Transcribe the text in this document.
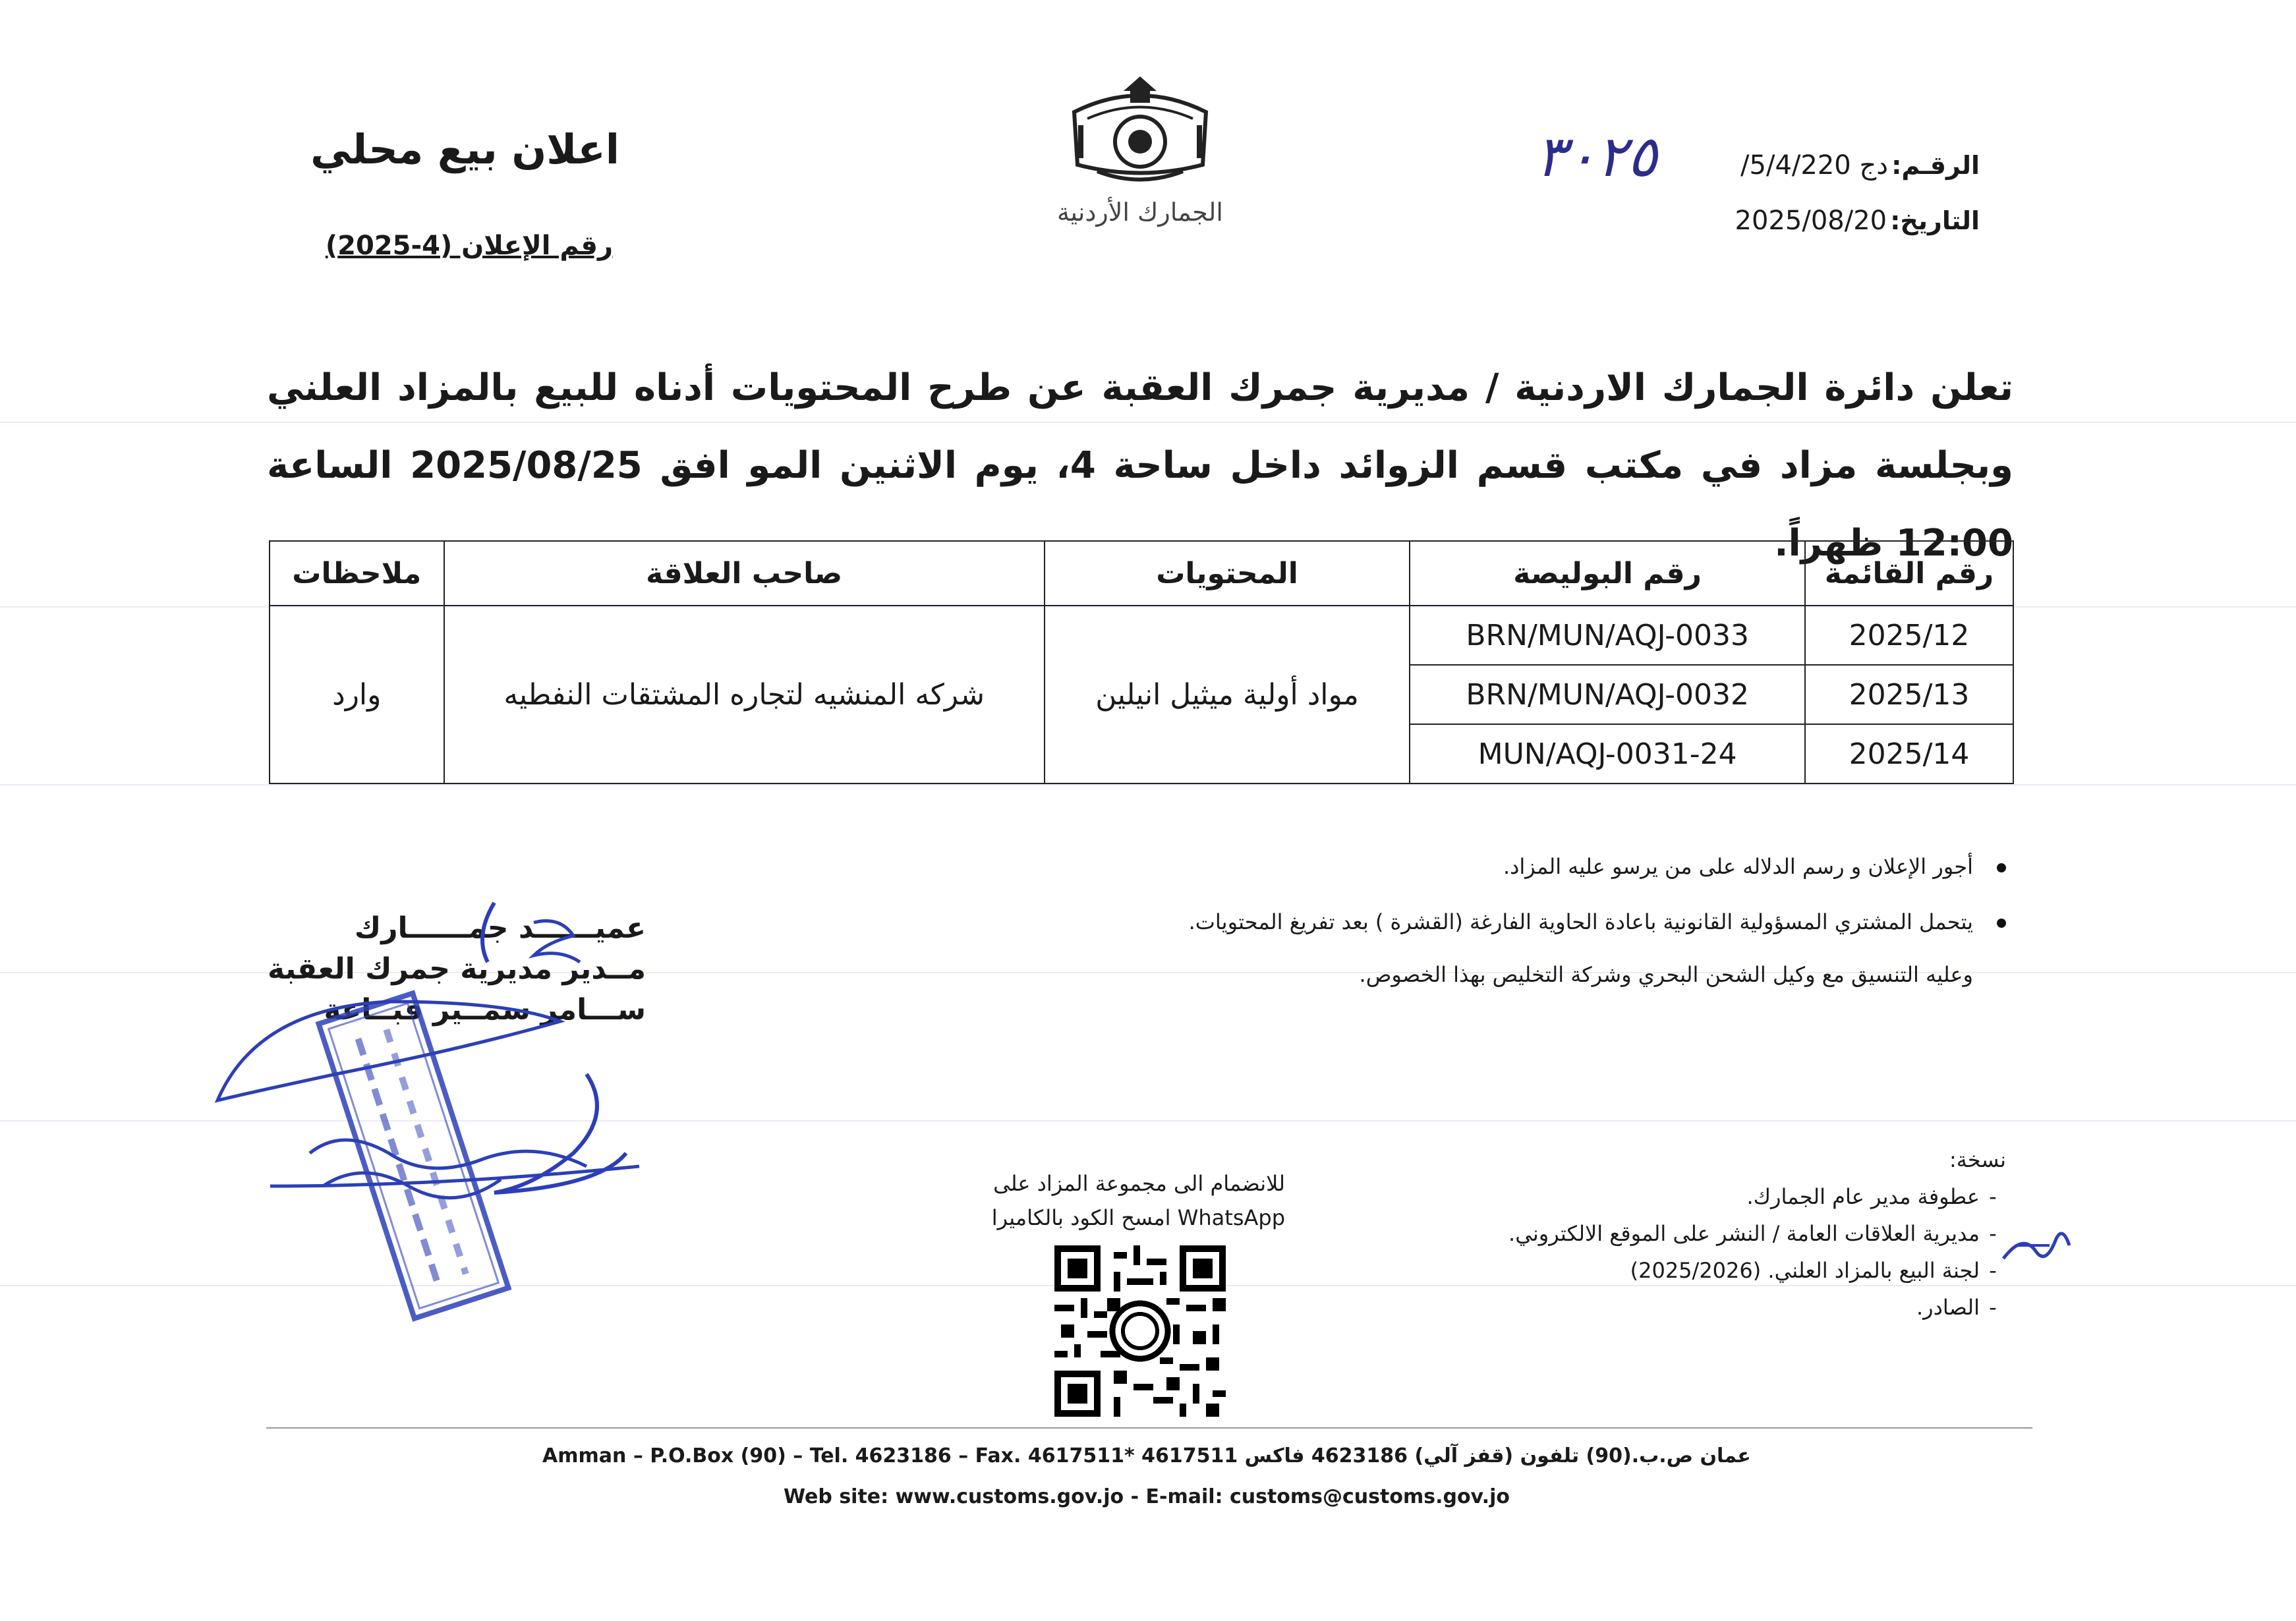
الرقـم: دج 5/4/220/
٣٠٢٥
التاريخ: 2025/08/20
الجمارك الأردنية
اعلان بيع محلي
رقم الإعلان (4-2025)
تعلن دائرة الجمارك الاردنية / مديرية جمرك العقبة عن طرح المحتويات أدناه للبيع بالمزاد العلني وبجلسة مزاد في مكتب قسم الزوائد داخل ساحة 4، يوم الاثنين المو افق 2025/08/25 الساعة 12:00 ظهراً.
رقم القائمة	رقم البوليصة	المحتويات	صاحب العلاقة	ملاحظات
2025/12	BRN/MUN/AQJ-0033	مواد أولية ميثيل انيلين	شركه المنشيه لتجاره المشتقات النفطيه	وارد
2025/13	BRN/MUN/AQJ-0032			
2025/14	MUN/AQJ-0031-24			
أجور الإعلان و رسم الدلاله على من يرسو عليه المزاد.
يتحمل المشتري المسؤولية القانونية باعادة الحاوية الفارغة (القشرة ) بعد تفريغ المحتويات.
وعليه التنسيق مع وكيل الشحن البحري وشركة التخليص بهذا الخصوص.
عميــــــد جمــــــارك
مــدير مديرية جمرك العقبة
ســـامر سمــير قبــاعة
نسخة:
-عطوفة مدير عام الجمارك.
-مديرية العلاقات العامة / النشر على الموقع الالكتروني.
-لجنة البيع بالمزاد العلني. (2025/2026)
-الصادر.
للانضمام الى مجموعة المزاد على
WhatsApp امسح الكود بالكاميرا
Amman – P.O.Box (90) – Tel. 4623186 – Fax. 4617511* 4617511 عمان ص.ب.(90) تلفون (قفز آلي) 4623186 فاكس
Web site: www.customs.gov.jo - E-mail: customs@customs.gov.jo
